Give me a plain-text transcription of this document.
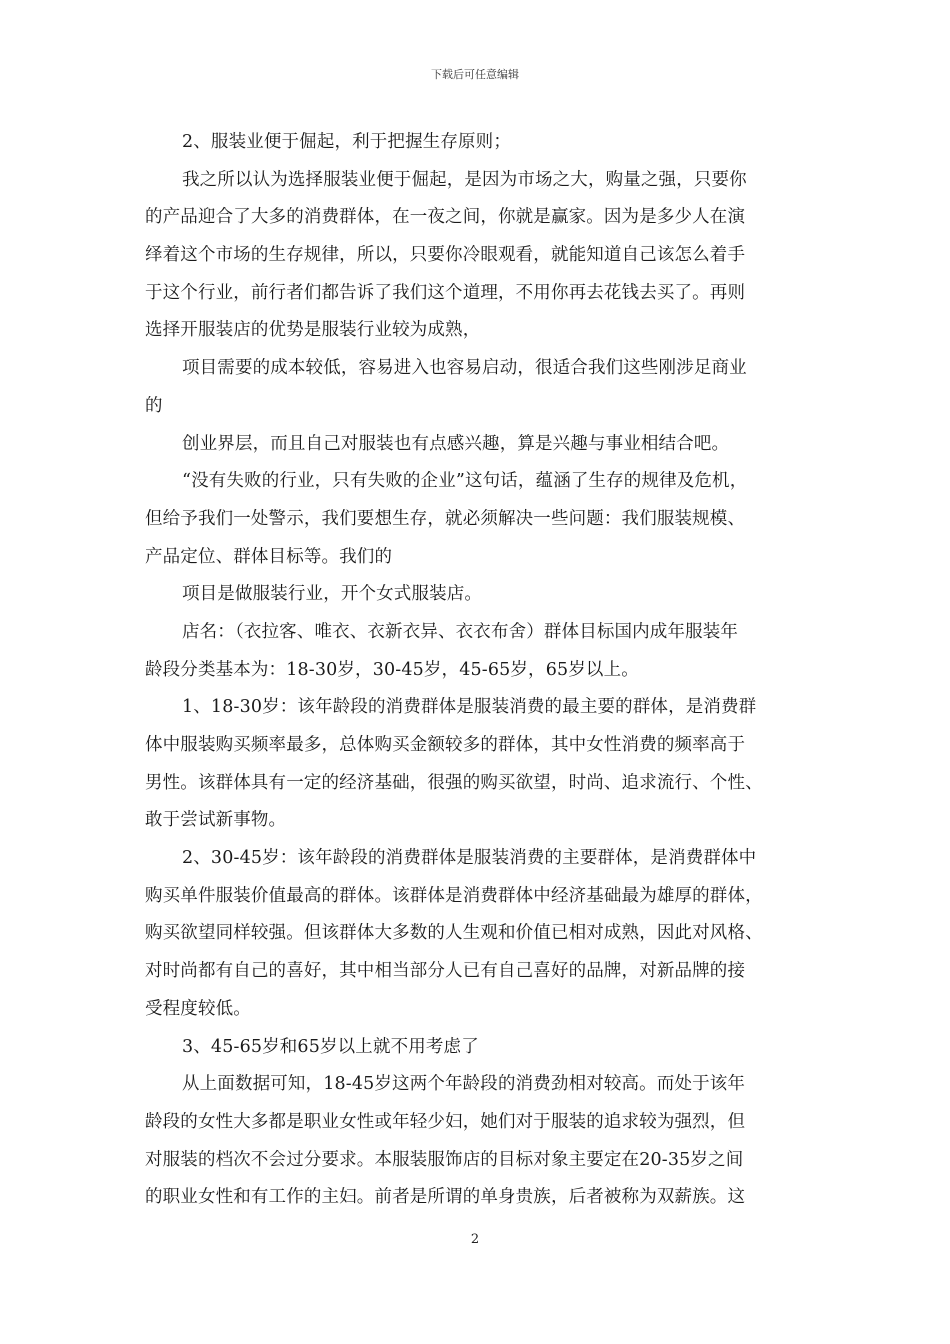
下载后可任意编辑
2、服装业便于倔起，利于把握生存原则；
我之所以认为选择服装业便于倔起，是因为市场之大，购量之强，只要你
的产品迎合了大多的消费群体，在一夜之间，你就是赢家。因为是多少人在演
绎着这个市场的生存规律，所以，只要你冷眼观看，就能知道自己该怎么着手
于这个行业，前行者们都告诉了我们这个道理，不用你再去花钱去买了。再则
选择开服装店的优势是服装行业较为成熟，
项目需要的成本较低，容易进入也容易启动，很适合我们这些刚涉足商业
的
创业界层，而且自己对服装也有点感兴趣，算是兴趣与事业相结合吧。
“没有失败的行业，只有失败的企业”这句话，蕴涵了生存的规律及危机，
但给予我们一处警示，我们要想生存，就必须解决一些问题：我们服装规模、
产品定位、群体目标等。我们的
项目是做服装行业，开个女式服装店。
店名：（衣拉客、唯衣、衣新衣异、衣衣布舍）群体目标国内成年服装年
龄段分类基本为：18-30岁，30-45岁，45-65岁，65岁以上。
1、18-30岁：该年龄段的消费群体是服装消费的最主要的群体，是消费群
体中服装购买频率最多，总体购买金额较多的群体，其中女性消费的频率高于
男性。该群体具有一定的经济基础，很强的购买欲望，时尚、追求流行、个性、
敢于尝试新事物。
2、30-45岁：该年龄段的消费群体是服装消费的主要群体，是消费群体中
购买单件服装价值最高的群体。该群体是消费群体中经济基础最为雄厚的群体，
购买欲望同样较强。但该群体大多数的人生观和价值已相对成熟，因此对风格、
对时尚都有自己的喜好，其中相当部分人已有自己喜好的品牌，对新品牌的接
受程度较低。
3、45-65岁和65岁以上就不用考虑了
从上面数据可知，18-45岁这两个年龄段的消费劲相对较高。而处于该年
龄段的女性大多都是职业女性或年轻少妇，她们对于服装的追求较为强烈，但
对服装的档次不会过分要求。本服装服饰店的目标对象主要定在20-35岁之间
的职业女性和有工作的主妇。前者是所谓的单身贵族，后者被称为双薪族。这
2
